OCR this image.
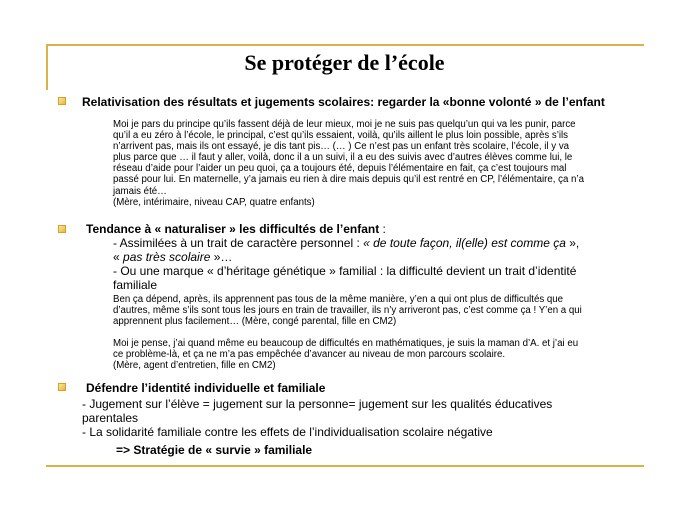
Se protéger de l’école
Relativisation des résultats et jugements scolaires: regarder la «bonne volonté » de l’enfant
Moi je pars du principe qu’ils fassent déjà de leur mieux, moi je ne suis pas quelqu’un qui va les punir, parce
qu’il a eu zéro à l’école, le principal, c’est qu’ils essaient, voilà, qu’ils aillent le plus loin possible, après s’ils
n’arrivent pas, mais ils ont essayé, je dis tant pis… (… ) Ce n’est pas un enfant très scolaire, l’école, il y va
plus parce que … il faut y aller, voilà, donc il a un suivi, il a eu des suivis avec d’autres élèves comme lui, le
réseau d’aide pour l’aider un peu quoi, ça a toujours été, depuis l’élémentaire en fait, ça c’est toujours mal
passé pour lui. En maternelle, y’a jamais eu rien à dire mais depuis qu’il est rentré en CP, l’élémentaire, ça n’a
jamais été…
(Mère, intérimaire, niveau CAP, quatre enfants)
Tendance à « naturaliser » les difficultés de l’enfant :
- Assimilées à un trait de caractère personnel : « de toute façon, il(elle) est comme ça »,
« pas très scolaire »…
- Ou une marque « d’héritage génétique » familial : la difficulté devient un trait d’identité
familiale
Ben ça dépend, après, ils apprennent pas tous de la même manière, y’en a qui ont plus de difficultés que
d’autres, même s’ils sont tous les jours en train de travailler, ils n’y arriveront pas, c’est comme ça ! Y’en a qui
apprennent plus facilement… (Mère, congé parental, fille en CM2)
Moi je pense, j’ai quand même eu beaucoup de difficultés en mathématiques, je suis la maman d’A. et j’ai eu
ce problème-là, et ça ne m’a pas empêchée d’avancer au niveau de mon parcours scolaire.
(Mère, agent d’entretien, fille en CM2)
Défendre l’identité individuelle et familiale
- Jugement sur l’élève = jugement sur la personne= jugement sur les qualités éducatives
parentales
- La solidarité familiale contre les effets de l’individualisation scolaire négative
=> Stratégie de « survie » familiale
